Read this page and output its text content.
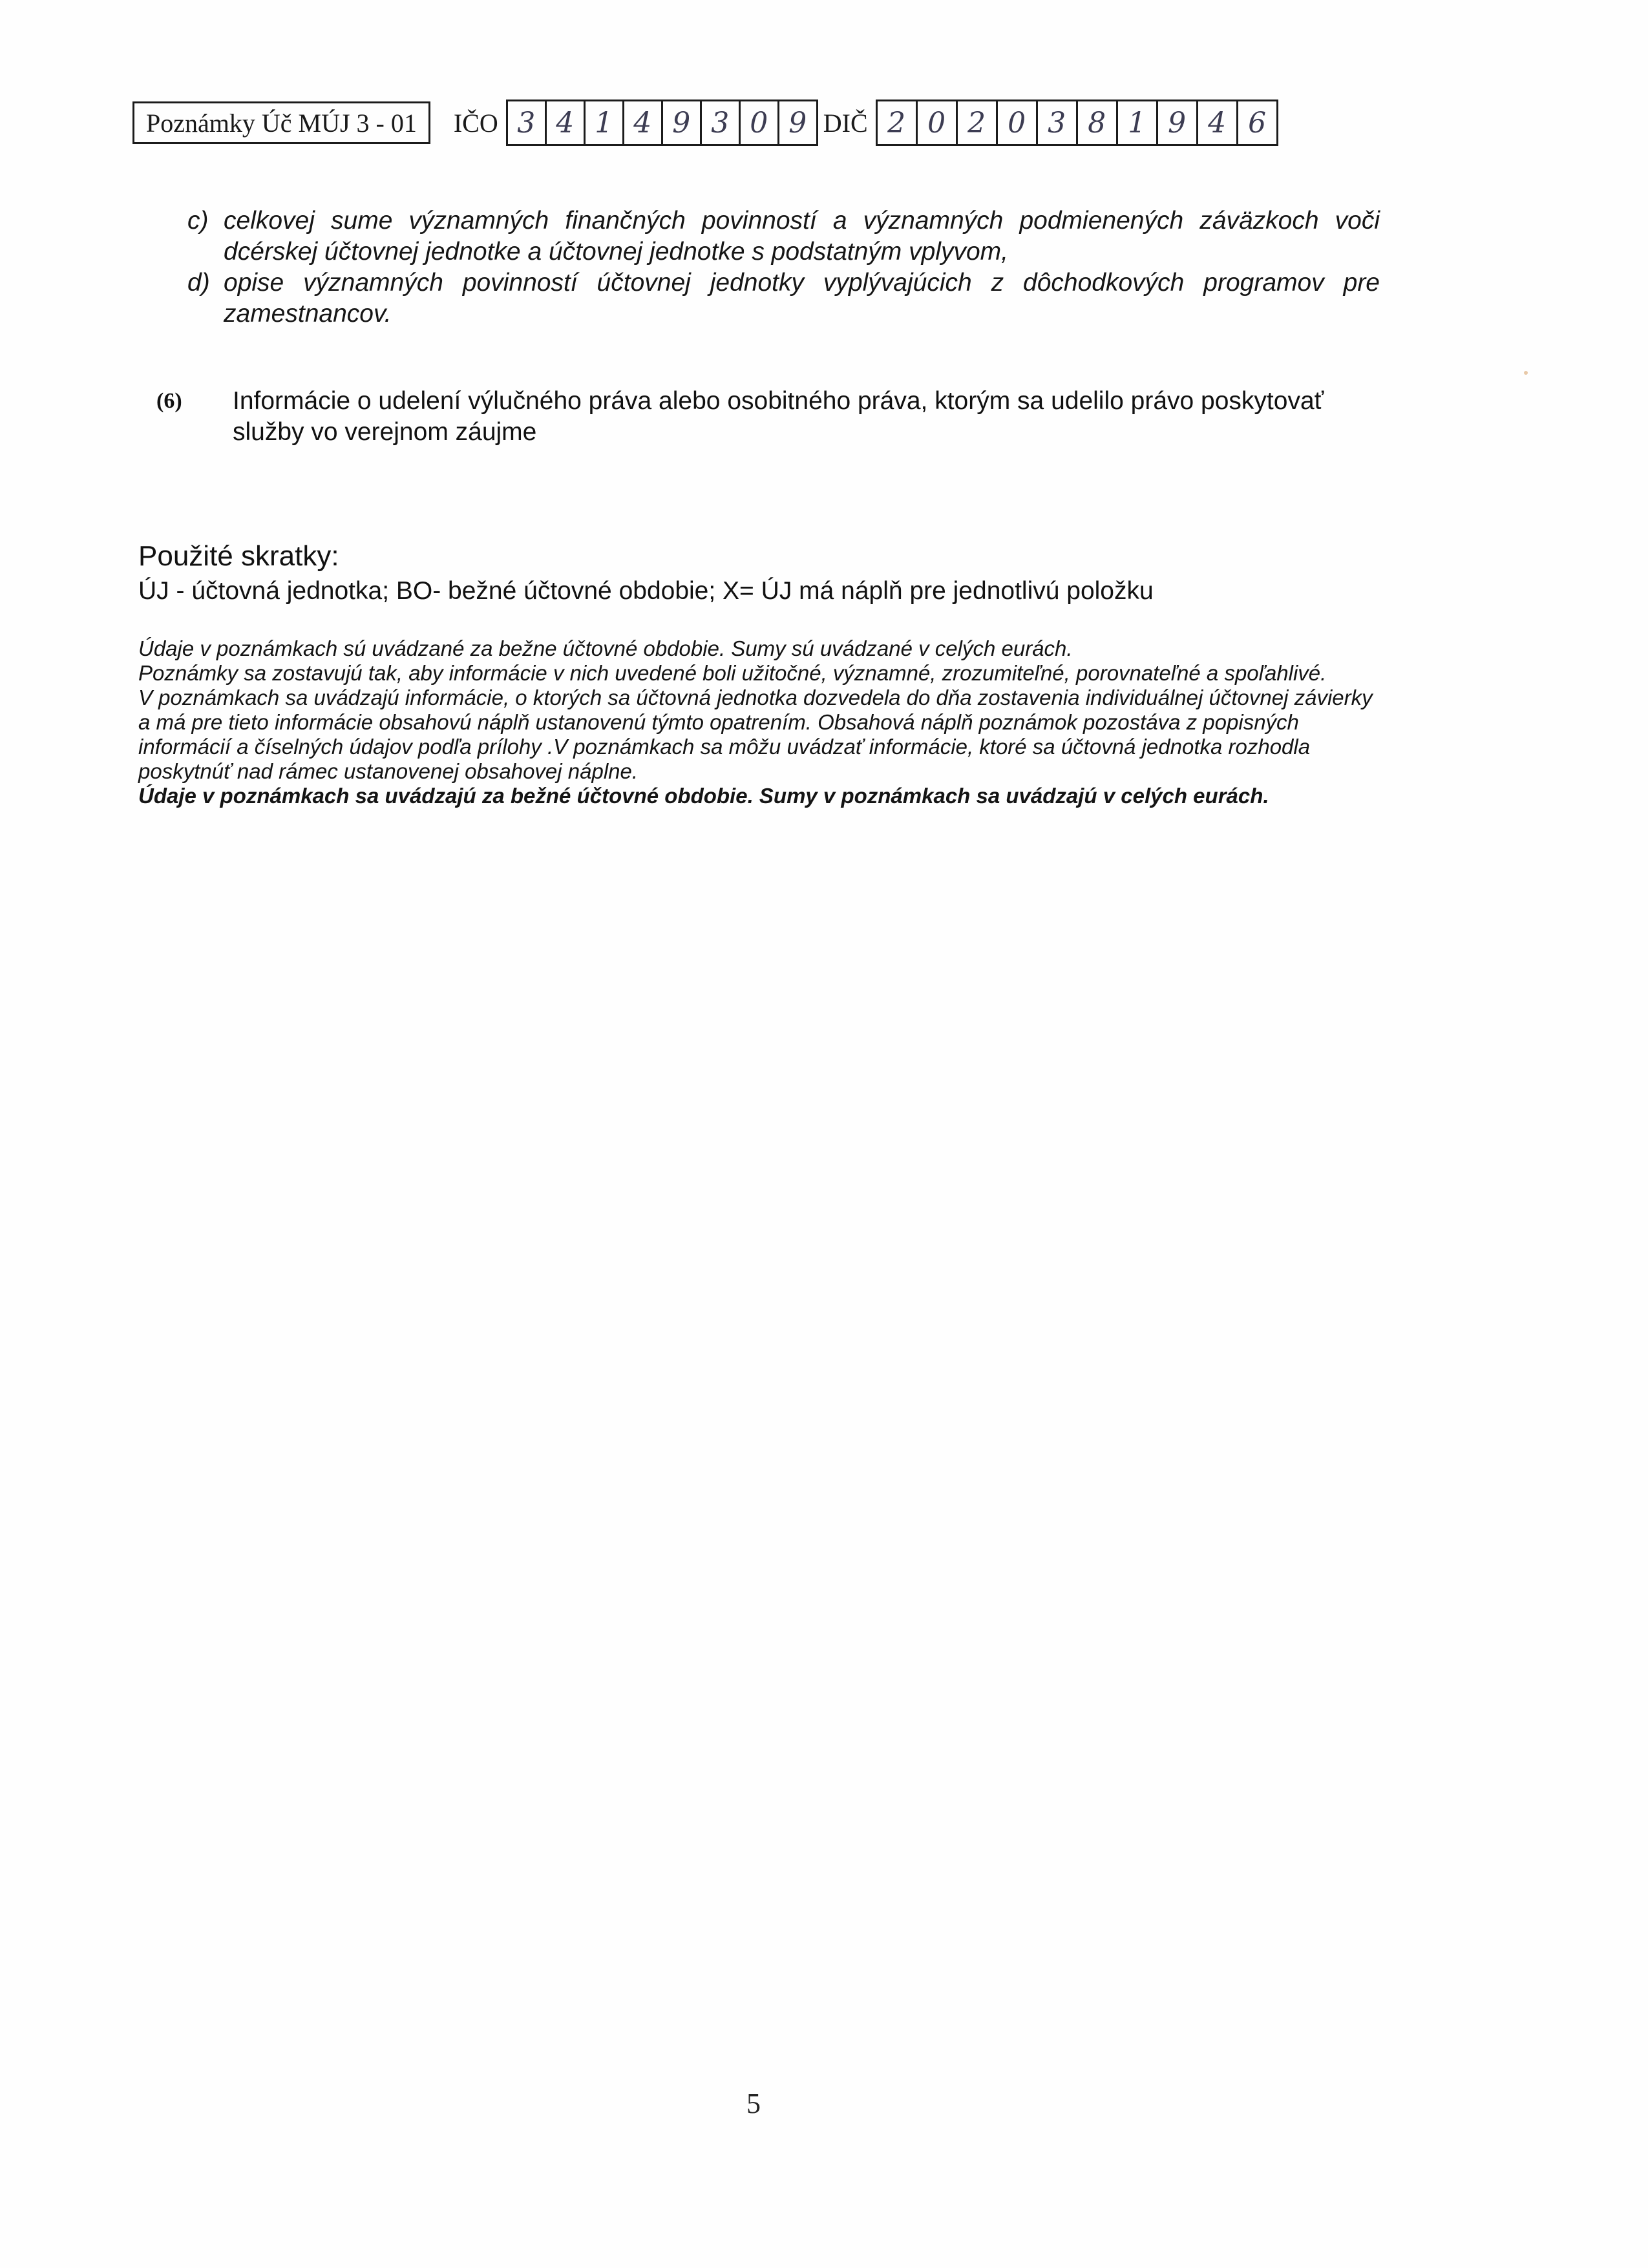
Poznámky Úč MÚJ 3 - 01	IČO 3 4 1 4 9 3 0 9 DIČ 2 0 2 0 3 8 1 9 4 6
c) celkovej sume významných finančných povinností a významných podmienených záväzkoch voči dcérskej účtovnej jednotke a účtovnej jednotke s podstatným vplyvom,
d) opise významných povinností účtovnej jednotky vyplývajúcich z dôchodkových programov pre zamestnancov.
(6)	Informácie o udelení výlučného práva alebo osobitného práva, ktorým sa udelilo právo poskytovať služby vo verejnom záujme
Použité skratky:
ÚJ - účtovná jednotka; BO- bežné účtovné obdobie; X= ÚJ má náplň pre jednotlivú položku

Údaje v poznámkach sú uvádzané za bežne účtovné obdobie. Sumy sú uvádzané v celých eurách.

Poznámky sa zostavujú tak, aby informácie v nich uvedené boli užitočné, významné, zrozumiteľné, porovnateľné a spoľahlivé.

V poznámkach sa uvádzajú informácie, o ktorých sa účtovná jednotka dozvedela do dňa zostavenia individuálnej účtovnej závierky a má pre tieto informácie obsahovú náplň ustanovenú týmto opatrením. Obsahová náplň poznámok pozostáva z popisných informácií a číselných údajov podľa prílohy .V poznámkach sa môžu uvádzať informácie, ktoré sa účtovná jednotka rozhodla poskytnúť nad rámec ustanovenej obsahovej náplne.

Údaje v poznámkach sa uvádzajú za bežné účtovné obdobie. Sumy v poznámkach sa uvádzajú v celých eurách.

5
